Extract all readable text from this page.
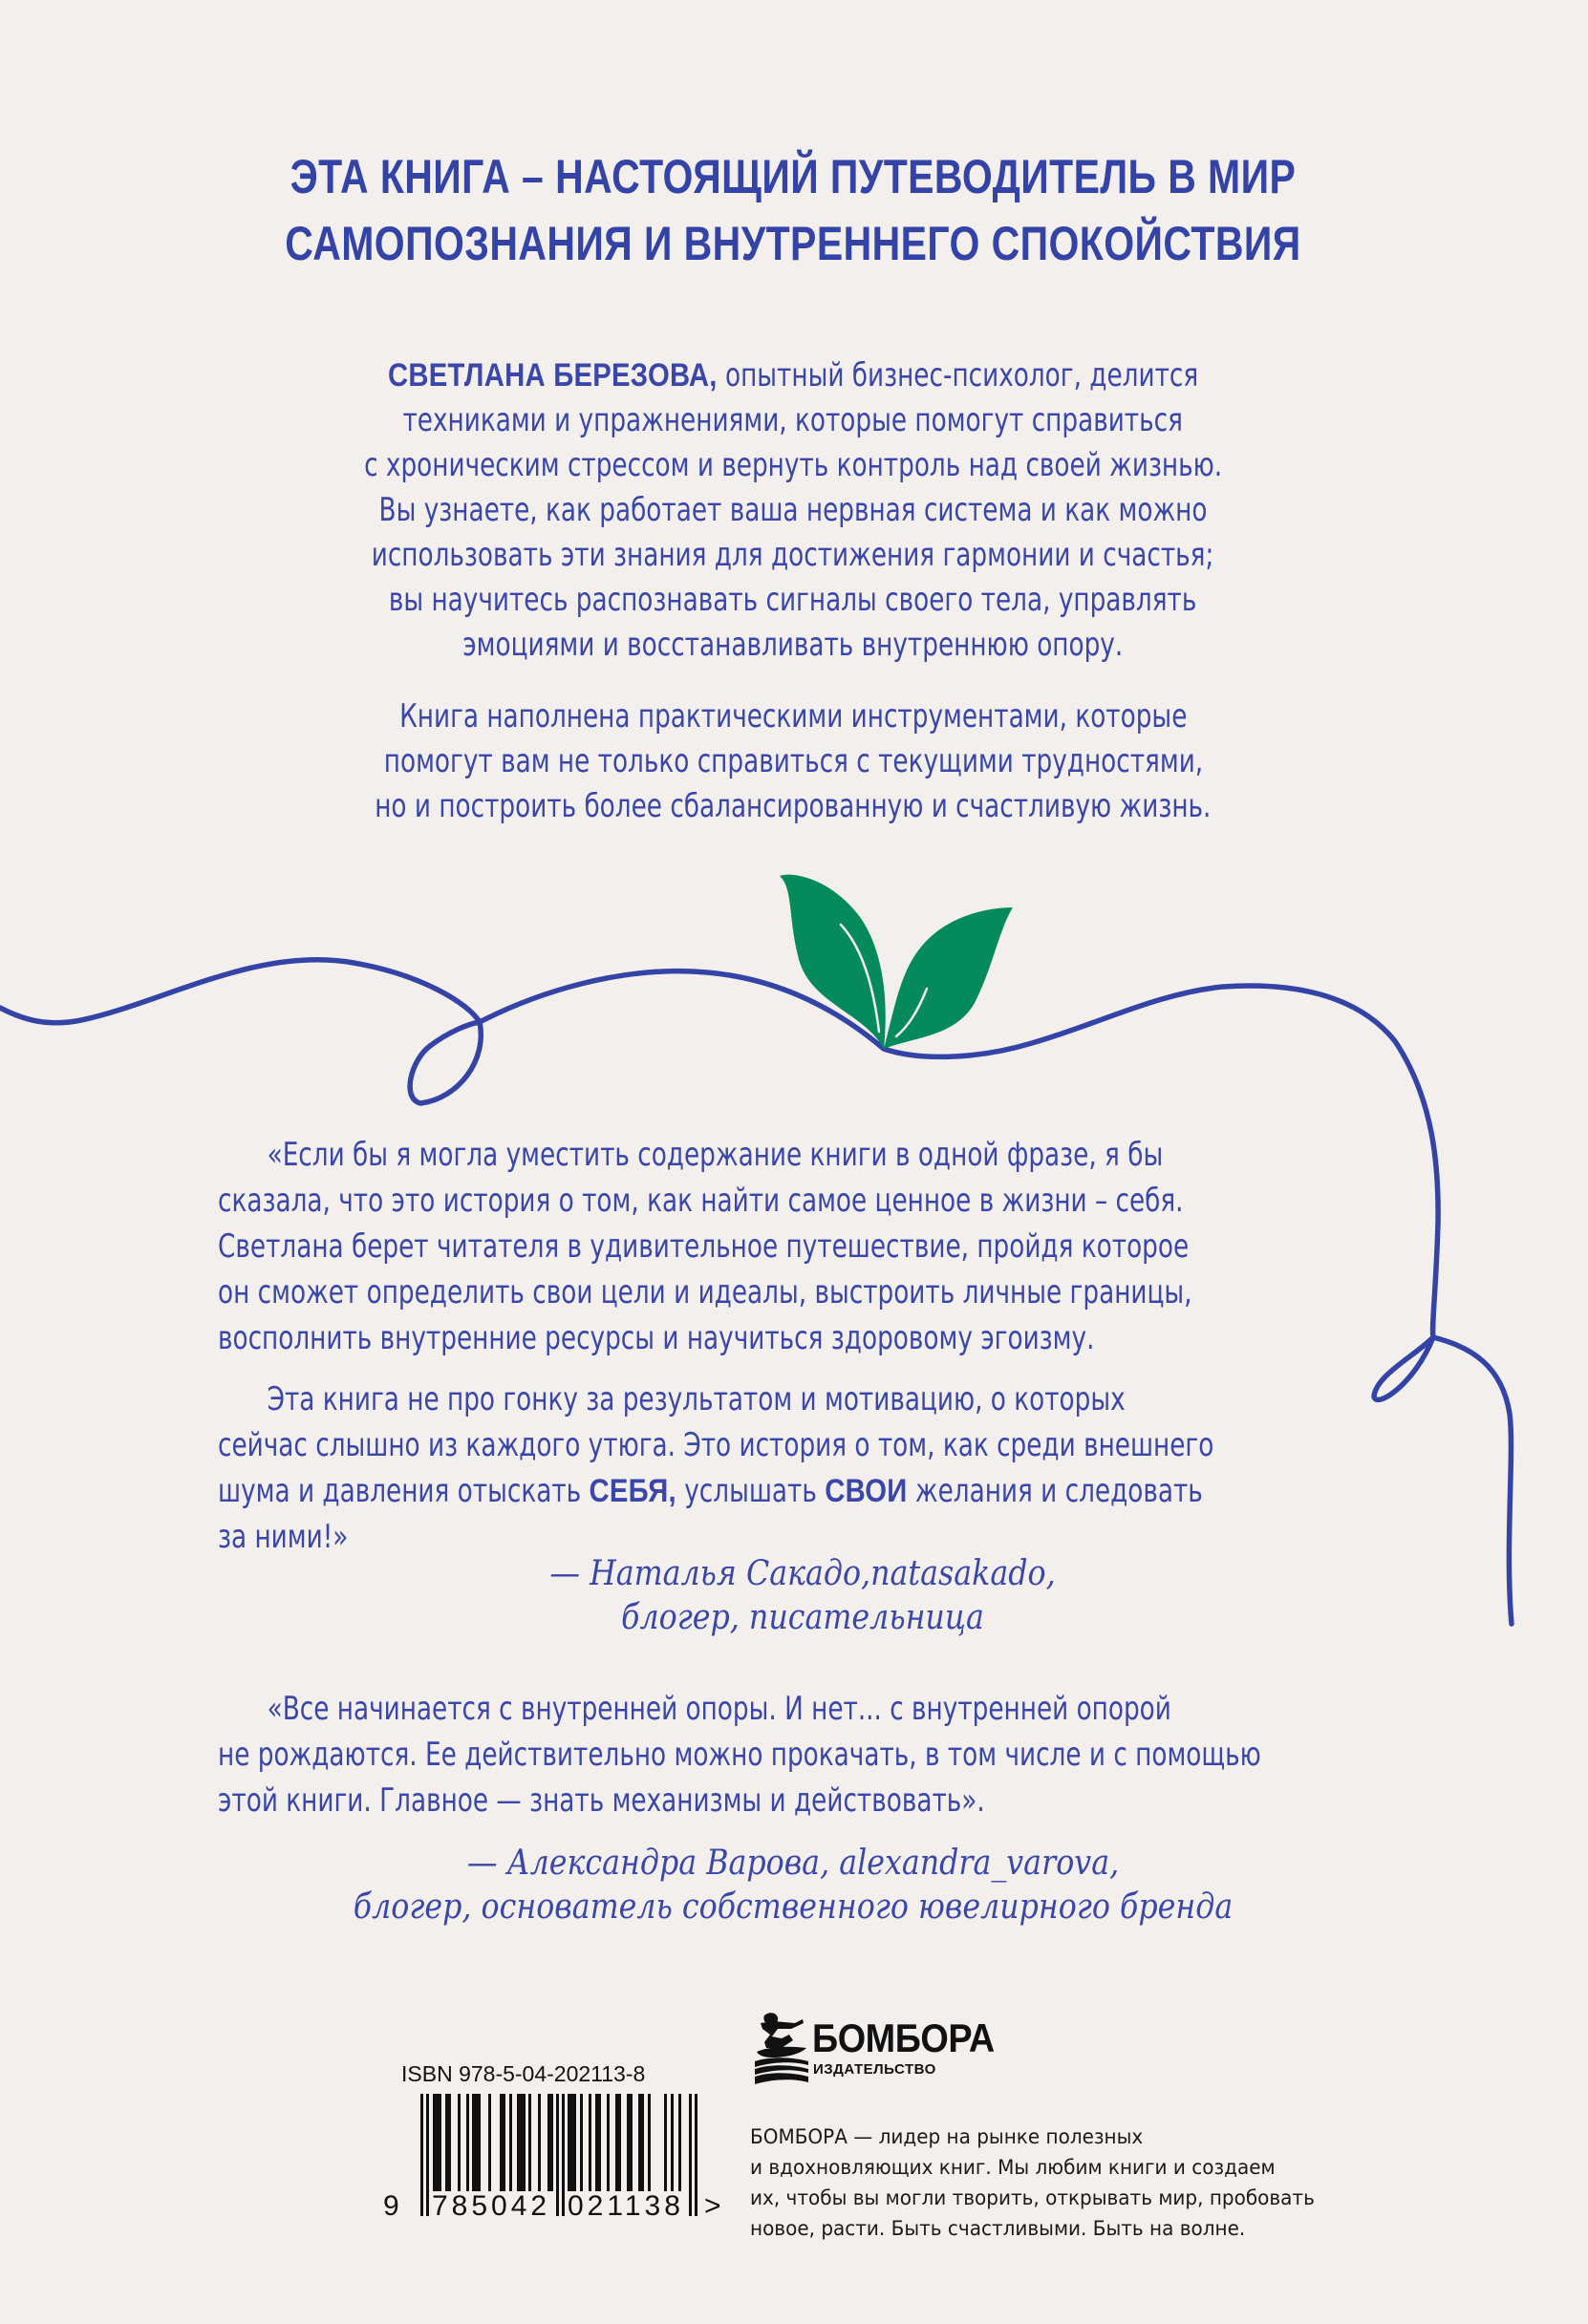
ЭТА КНИГА – НАСТОЯЩИЙ ПУТЕВОДИТЕЛЬ В МИР
САМОПОЗНАНИЯ И ВНУТРЕННЕГО СПОКОЙСТВИЯ
СВЕТЛАНА БЕРЕЗОВА, опытный бизнес-психолог, делится
техниками и упражнениями, которые помогут справиться
с хроническим стрессом и вернуть контроль над своей жизнью.
Вы узнаете, как работает ваша нервная система и как можно
использовать эти знания для достижения гармонии и счастья;
вы научитесь распознавать сигналы своего тела, управлять
эмоциями и восстанавливать внутреннюю опору.
Книга наполнена практическими инструментами, которые
помогут вам не только справиться с текущими трудностями,
но и построить более сбалансированную и счастливую жизнь.
«Если бы я могла уместить содержание книги в одной фразе, я бы
сказала, что это история о том, как найти самое ценное в жизни – себя.
Светлана берет читателя в удивительное путешествие, пройдя которое
он сможет определить свои цели и идеалы, выстроить личные границы,
восполнить внутренние ресурсы и научиться здоровому эгоизму.
Эта книга не про гонку за результатом и мотивацию, о которых
сейчас слышно из каждого утюга. Это история о том, как среди внешнего
шума и давления отыскать СЕБЯ, услышать СВОИ желания и следовать
за ними!»
— Наталья Сакадо,natasakado,
блогер, писательница
«Все начинается с внутренней опоры. И нет... с внутренней опорой
не рождаются. Ее действительно можно прокачать, в том числе и с помощью
этой книги. Главное — знать механизмы и действовать».
— Александра Варова, alexandra_varova,
блогер, основатель собственного ювелирного бренда
ISBN 978-5-04-202113-8
9 785042 021138 >
БОМБОРА
ИЗДАТЕЛЬСТВО
БОМБОРА — лидер на рынке полезных
и вдохновляющих книг. Мы любим книги и создаем
их, чтобы вы могли творить, открывать мир, пробовать
новое, расти. Быть счастливыми. Быть на волне.
